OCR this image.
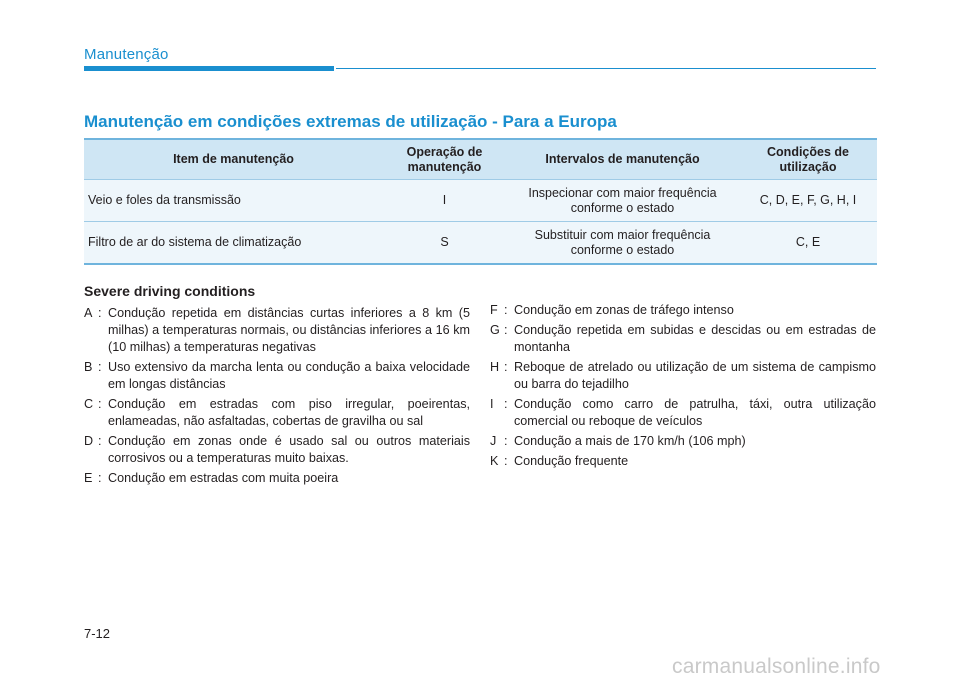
Manutenção
Manutenção em condições extremas de utilização - Para a Europa
Item de manutenção	Operação de manutenção	Intervalos de manutenção	Condições de utilização
Veio e foles da transmissão	I	Inspecionar com maior frequência conforme o estado	C, D, E, F, G, H, I
Filtro de ar do sistema de climatização	S	Substituir com maior frequência conforme o estado	C, E
Severe driving conditions
A : Condução repetida em distâncias curtas inferiores a 8 km (5 milhas) a temperaturas normais, ou distâncias inferiores a 16 km (10 milhas) a temperaturas negativas
B : Uso extensivo da marcha lenta ou condução a baixa velocidade em longas distâncias
C : Condução em estradas com piso irregular, poeirentas, enlameadas, não asfaltadas, cobertas de gravilha ou sal
D : Condução em zonas onde é usado sal ou outros materiais corrosivos ou a temperaturas muito baixas.
E : Condução em estradas com muita poeira
F : Condução em zonas de tráfego intenso
G : Condução repetida em subidas e descidas ou em estradas de montanha
H : Reboque de atrelado ou utilização de um sistema de campismo ou barra do tejadilho
I : Condução como carro de patrulha, táxi, outra utilização comercial ou reboque de veículos
J : Condução a mais de 170 km/h (106 mph)
K : Condução frequente
7-12
carmanualsonline.info
